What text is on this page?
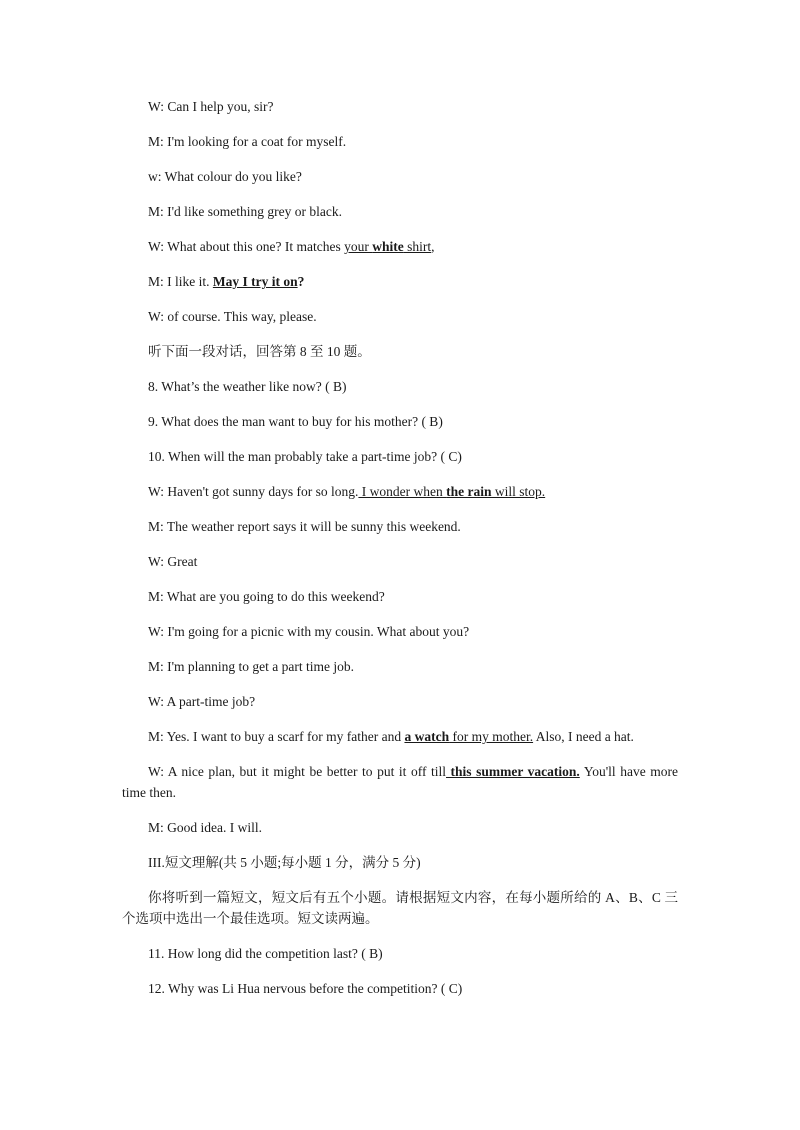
W: Can I help you, sir?
M: I'm looking for a coat for myself.
w: What colour do you like?
M: I'd like something grey or black.
W: What about this one? It matches your white shirt,
M: I like it. May I try it on?
W: of course. This way, please.
听下面一段对话，回答第 8 至 10 题。
8. What’s the weather like now? ( B)
9. What does the man want to buy for his mother? ( B)
10. When will the man probably take a part-time job? ( C)
W: Haven't got sunny days for so long. I wonder when the rain will stop.
M: The weather report says it will be sunny this weekend.
W: Great
M: What are you going to do this weekend?
W: I'm going for a picnic with my cousin. What about you?
M: I'm planning to get a part time job.
W: A part-time job?
M: Yes. I want to buy a scarf for my father and a watch for my mother. Also, I need a hat.
W: A nice plan, but it might be better to put it off till this summer vacation. You'll have more time then.
M: Good idea. I will.
III.短文理解(共 5 小题;每小题 1 分，满分 5 分)
你将听到一篇短文，短文后有五个小题。请根据短文内容，在每小题所给的 A、B、C 三个选项中选出一个最佳选项。短文读两遍。
11. How long did the competition last? ( B)
12. Why was Li Hua nervous before the competition? ( C)
